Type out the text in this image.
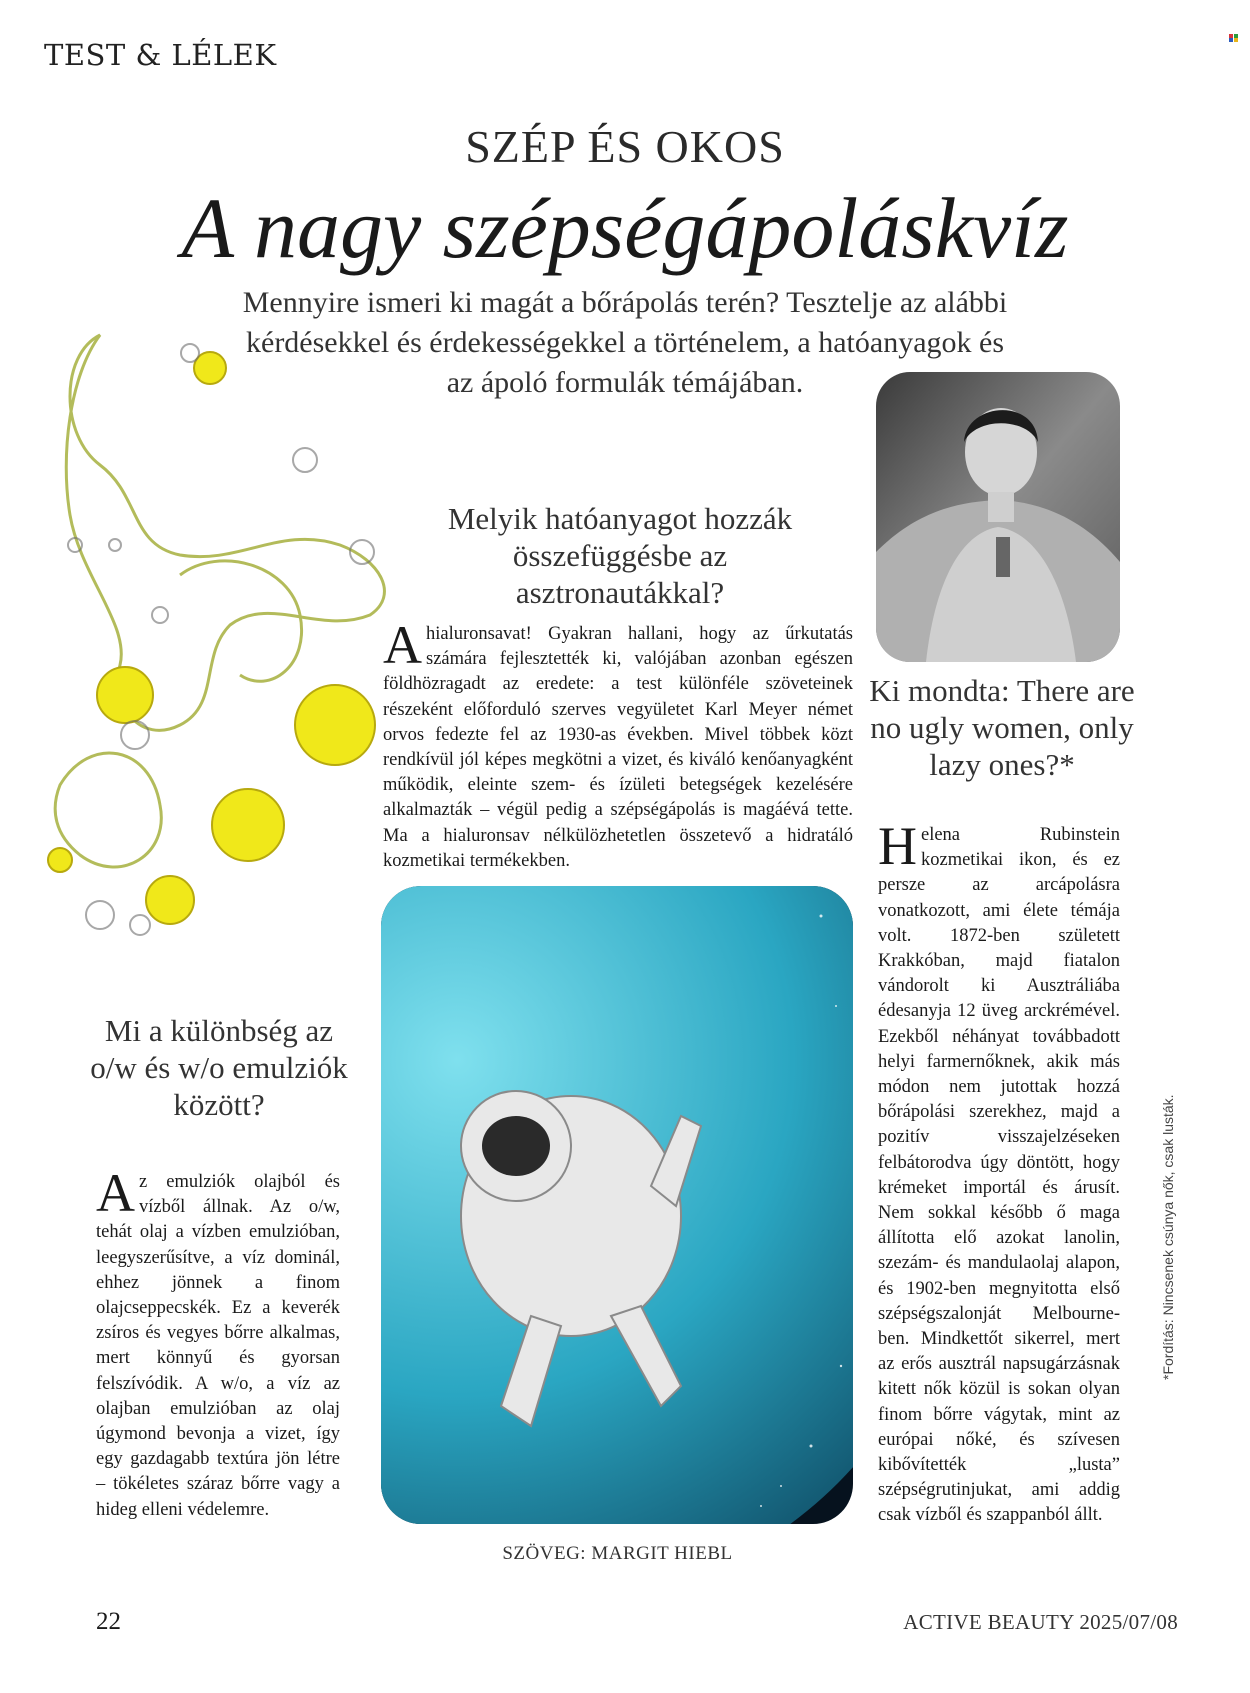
TEST & LÉLEK
SZÉP ÉS OKOS
A nagy szépségápoláskvíz
Mennyire ismeri ki magát a bőrápolás terén? Tesztelje az alábbi kérdésekkel és érdekességekkel a történelem, a hatóanyagok és az ápoló formulák témájában.
Melyik hatóanyagot hozzák összefüggésbe az asztronautákkal?
Ahialuronsavat! Gyakran hallani, hogy az űrkutatás számára fejlesztették ki, valójában azonban egészen földhözragadt az eredete: a test különféle szöveteinek részeként előforduló szerves vegyületet Karl Meyer német orvos fedezte fel az 1930-as években. Mivel többek közt rendkívül jól képes megkötni a vizet, és kiváló kenőanyagként működik, eleinte szem- és ízületi betegségek kezelésére alkalmazták – végül pedig a szépségápolás is magáévá tette. Ma a hialuronsav nélkülözhetetlen összetevő a hidratáló kozmetikai termékekben.
Ki mondta: There are no ugly women, only lazy ones?*
Helena Rubinstein kozmetikai ikon, és ez persze az arcápolásra vonatkozott, ami élete témája volt. 1872-ben született Krakkóban, majd fiatalon vándorolt ki Ausztráliába édesanyja 12 üveg arckrémével. Ezekből néhányat továbbadott helyi farmernőknek, akik más módon nem jutottak hozzá bőrápolási szerekhez, majd a pozitív visszajelzéseken felbátorodva úgy döntött, hogy krémeket importál és árusít. Nem sokkal később ő maga állította elő azokat lanolin, szezám- és mandulaolaj alapon, és 1902-ben megnyitotta első szépségszalonját Melbourne-ben. Mindkettőt sikerrel, mert az erős ausztrál napsugárzásnak kitett nők közül is sokan olyan finom bőrre vágytak, mint az európai nőké, és szívesen kibővítették „lusta” szépségrutinjukat, ami addig csak vízből és szappanból állt.
Mi a különbség az o/w és w/o emulziók között?
Az emulziók olajból és vízből állnak. Az o/w, tehát olaj a vízben emulzióban, leegyszerűsítve, a víz dominál, ehhez jönnek a finom olajcseppecskék. Ez a keverék zsíros és vegyes bőrre alkalmas, mert könnyű és gyorsan felszívódik. A w/o, a víz az olajban emulzióban az olaj úgymond bevonja a vizet, így egy gazdagabb textúra jön létre – tökéletes száraz bőrre vagy a hideg elleni védelemre.
SZÖVEG: MARGIT HIEBL
*Fordítás: Nincsenek csúnya nők, csak lusták.
22	ACTIVE BEAUTY 2025/07/08
